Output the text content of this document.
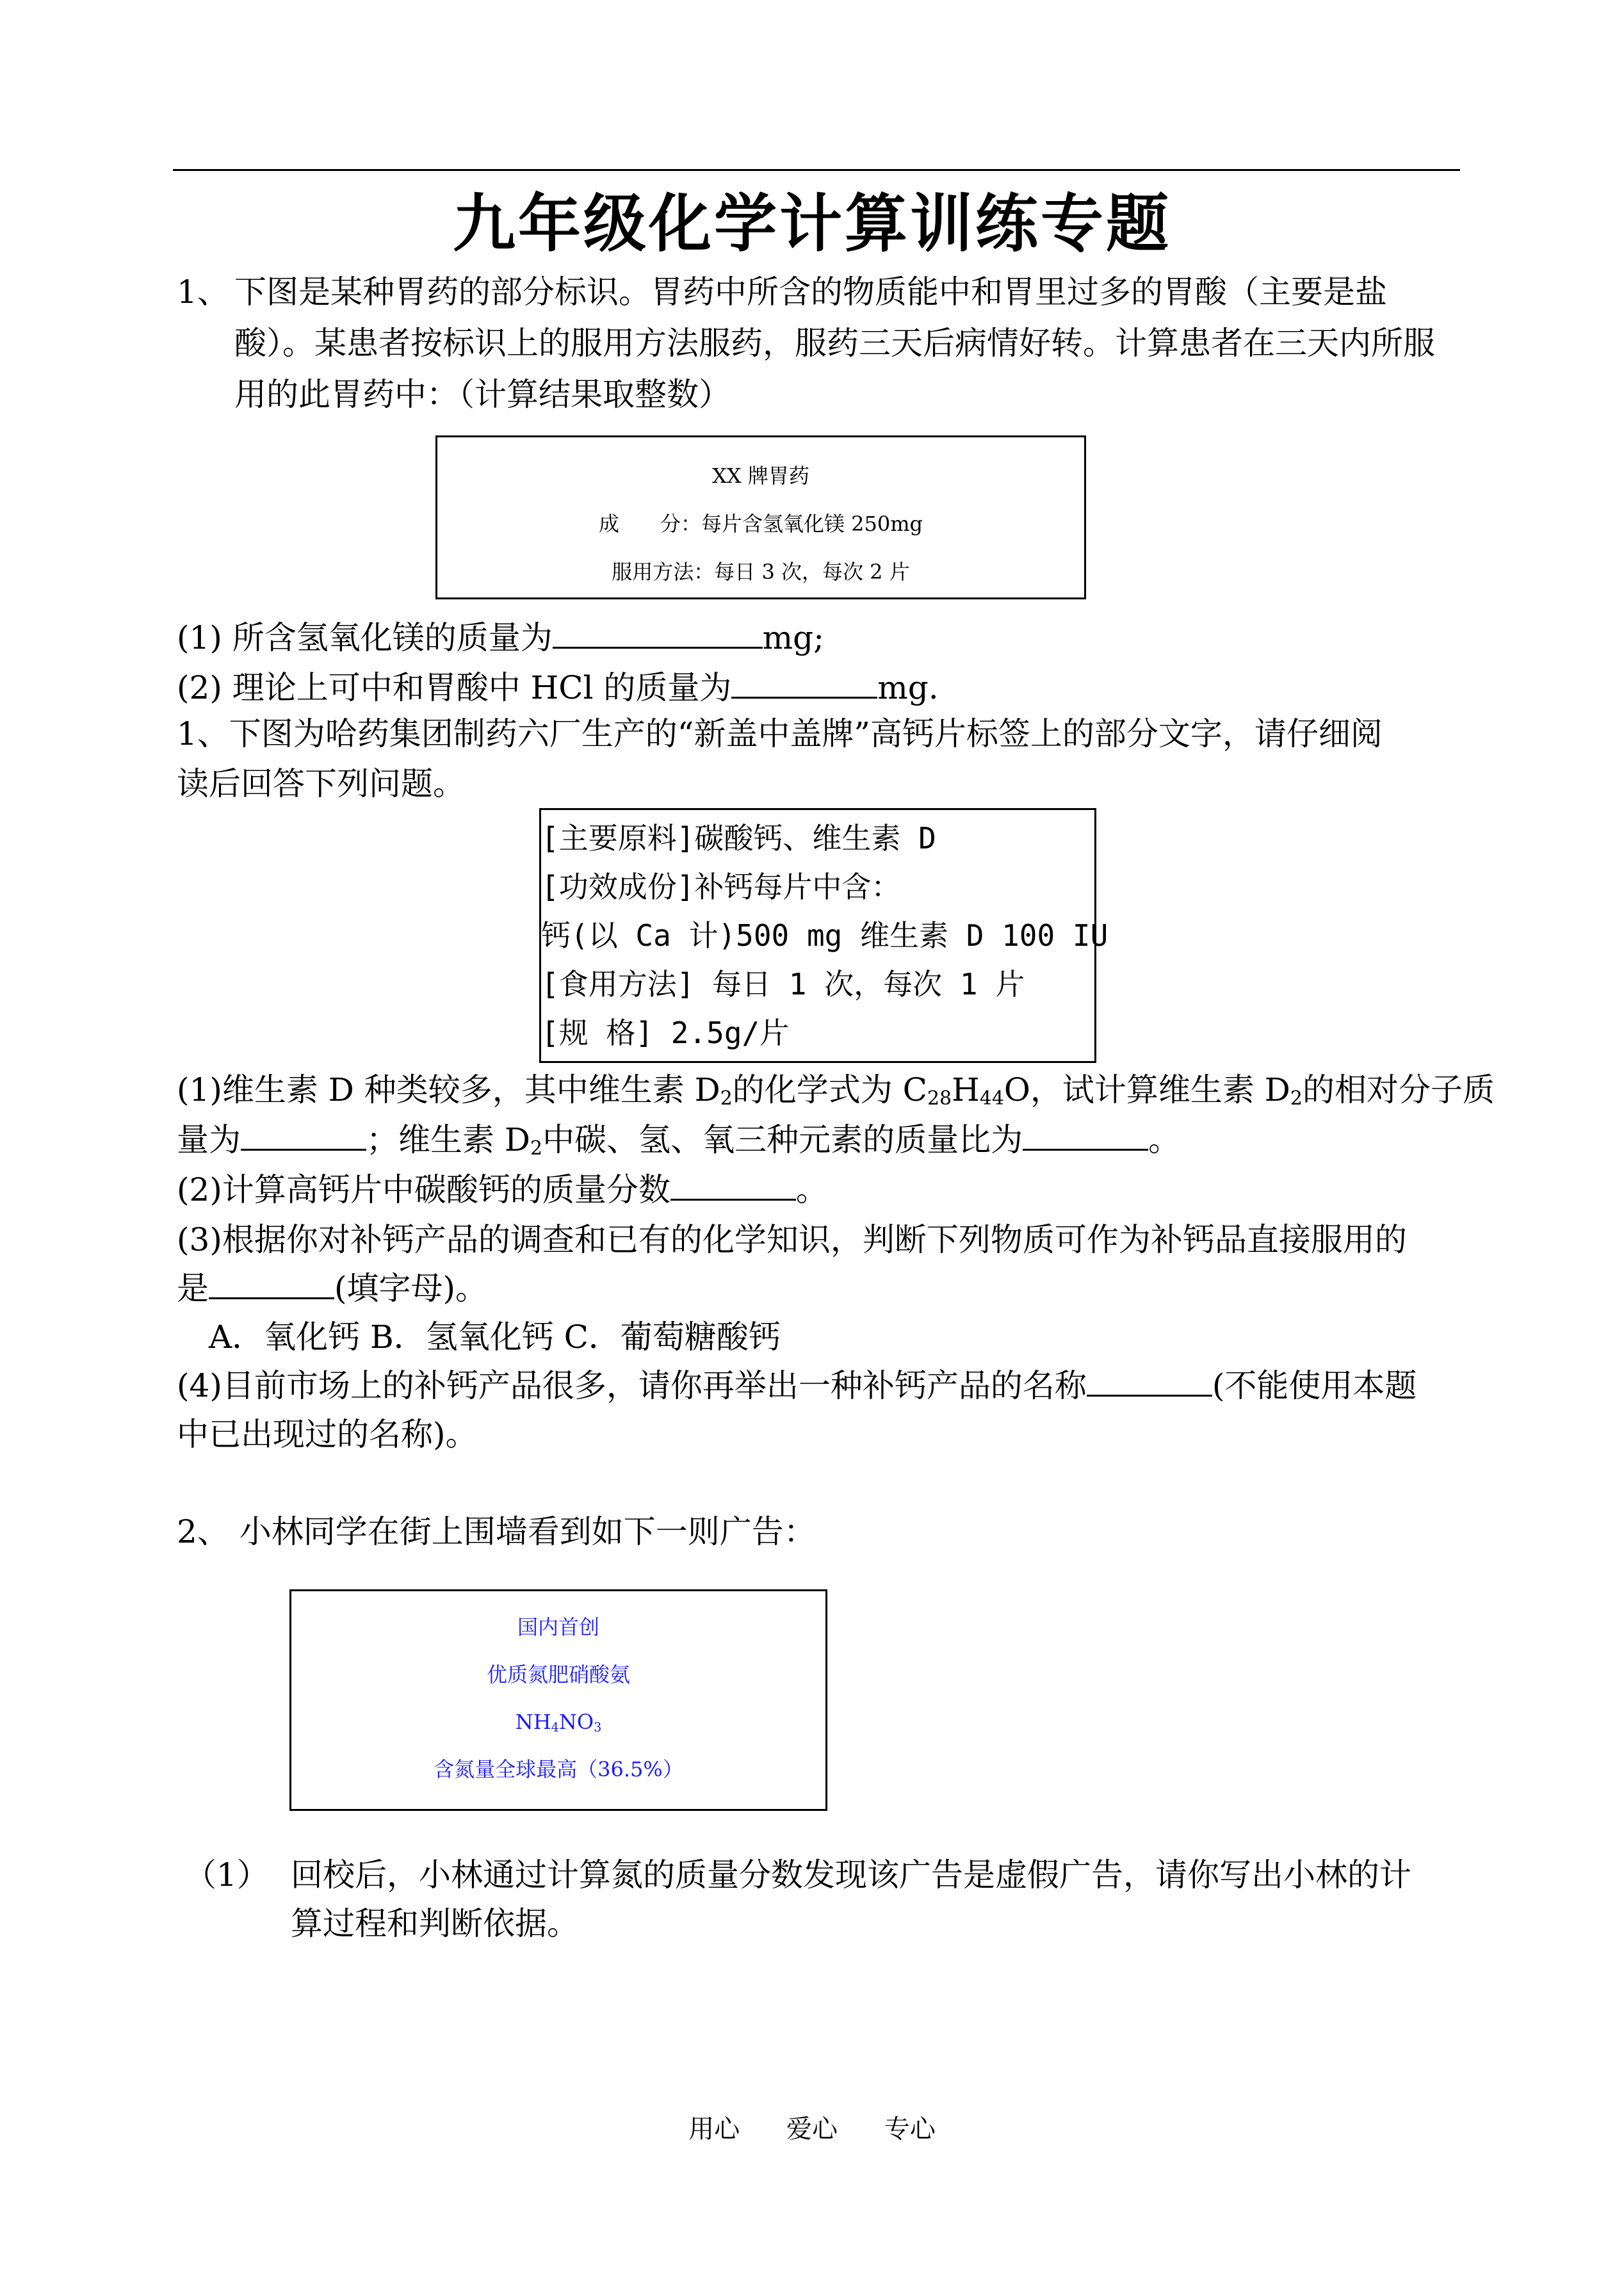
九年级化学计算训练专题
1、 下图是某种胃药的部分标识。胃药中所含的物质能中和胃里过多的胃酸（主要是盐
酸）。某患者按标识上的服用方法服药，服药三天后病情好转。计算患者在三天内所服
用的此胃药中：（计算结果取整数）
XX 牌胃药
成　　分：每片含氢氧化镁 250mg
服用方法：每日 3 次，每次 2 片
(1) 所含氢氧化镁的质量为	mg;
(2) 理论上可中和胃酸中 HCl 的质量为	mg.
1、下图为哈药集团制药六厂生产的“新盖中盖牌”高钙片标签上的部分文字，请仔细阅
读后回答下列问题。
[主要原料]碳酸钙、维生素 D
[功效成份]补钙每片中含：
钙(以 Ca 计)500 mg 维生素 D 100 IU
[食用方法] 每日 1 次，每次 1 片
[规 格] 2.5g/片
(1)维生素 D 种类较多，其中维生素 $D_2$的化学式为 $C_{28}H_{44}O$，试计算维生素 $D_2$的相对分子质
量为	；维生素 $D_2$中碳、氢、氧三种元素的质量比为	。
(2)计算高钙片中碳酸钙的质量分数	。
(3)根据你对补钙产品的调查和已有的化学知识，判断下列物质可作为补钙品直接服用的
是	(填字母)。
A．氧化钙 B．氢氧化钙 C．葡萄糖酸钙
(4)目前市场上的补钙产品很多，请你再举出一种补钙产品的名称	(不能使用本题
中已出现过的名称)。
2、 小林同学在街上围墙看到如下一则广告：
国内首创
优质氮肥硝酸氨
$NH_4NO_3$
含氮量全球最高（36.5%）
（1） 回校后，小林通过计算氮的质量分数发现该广告是虚假广告，请你写出小林的计
算过程和判断依据。
用心 爱心 专心
